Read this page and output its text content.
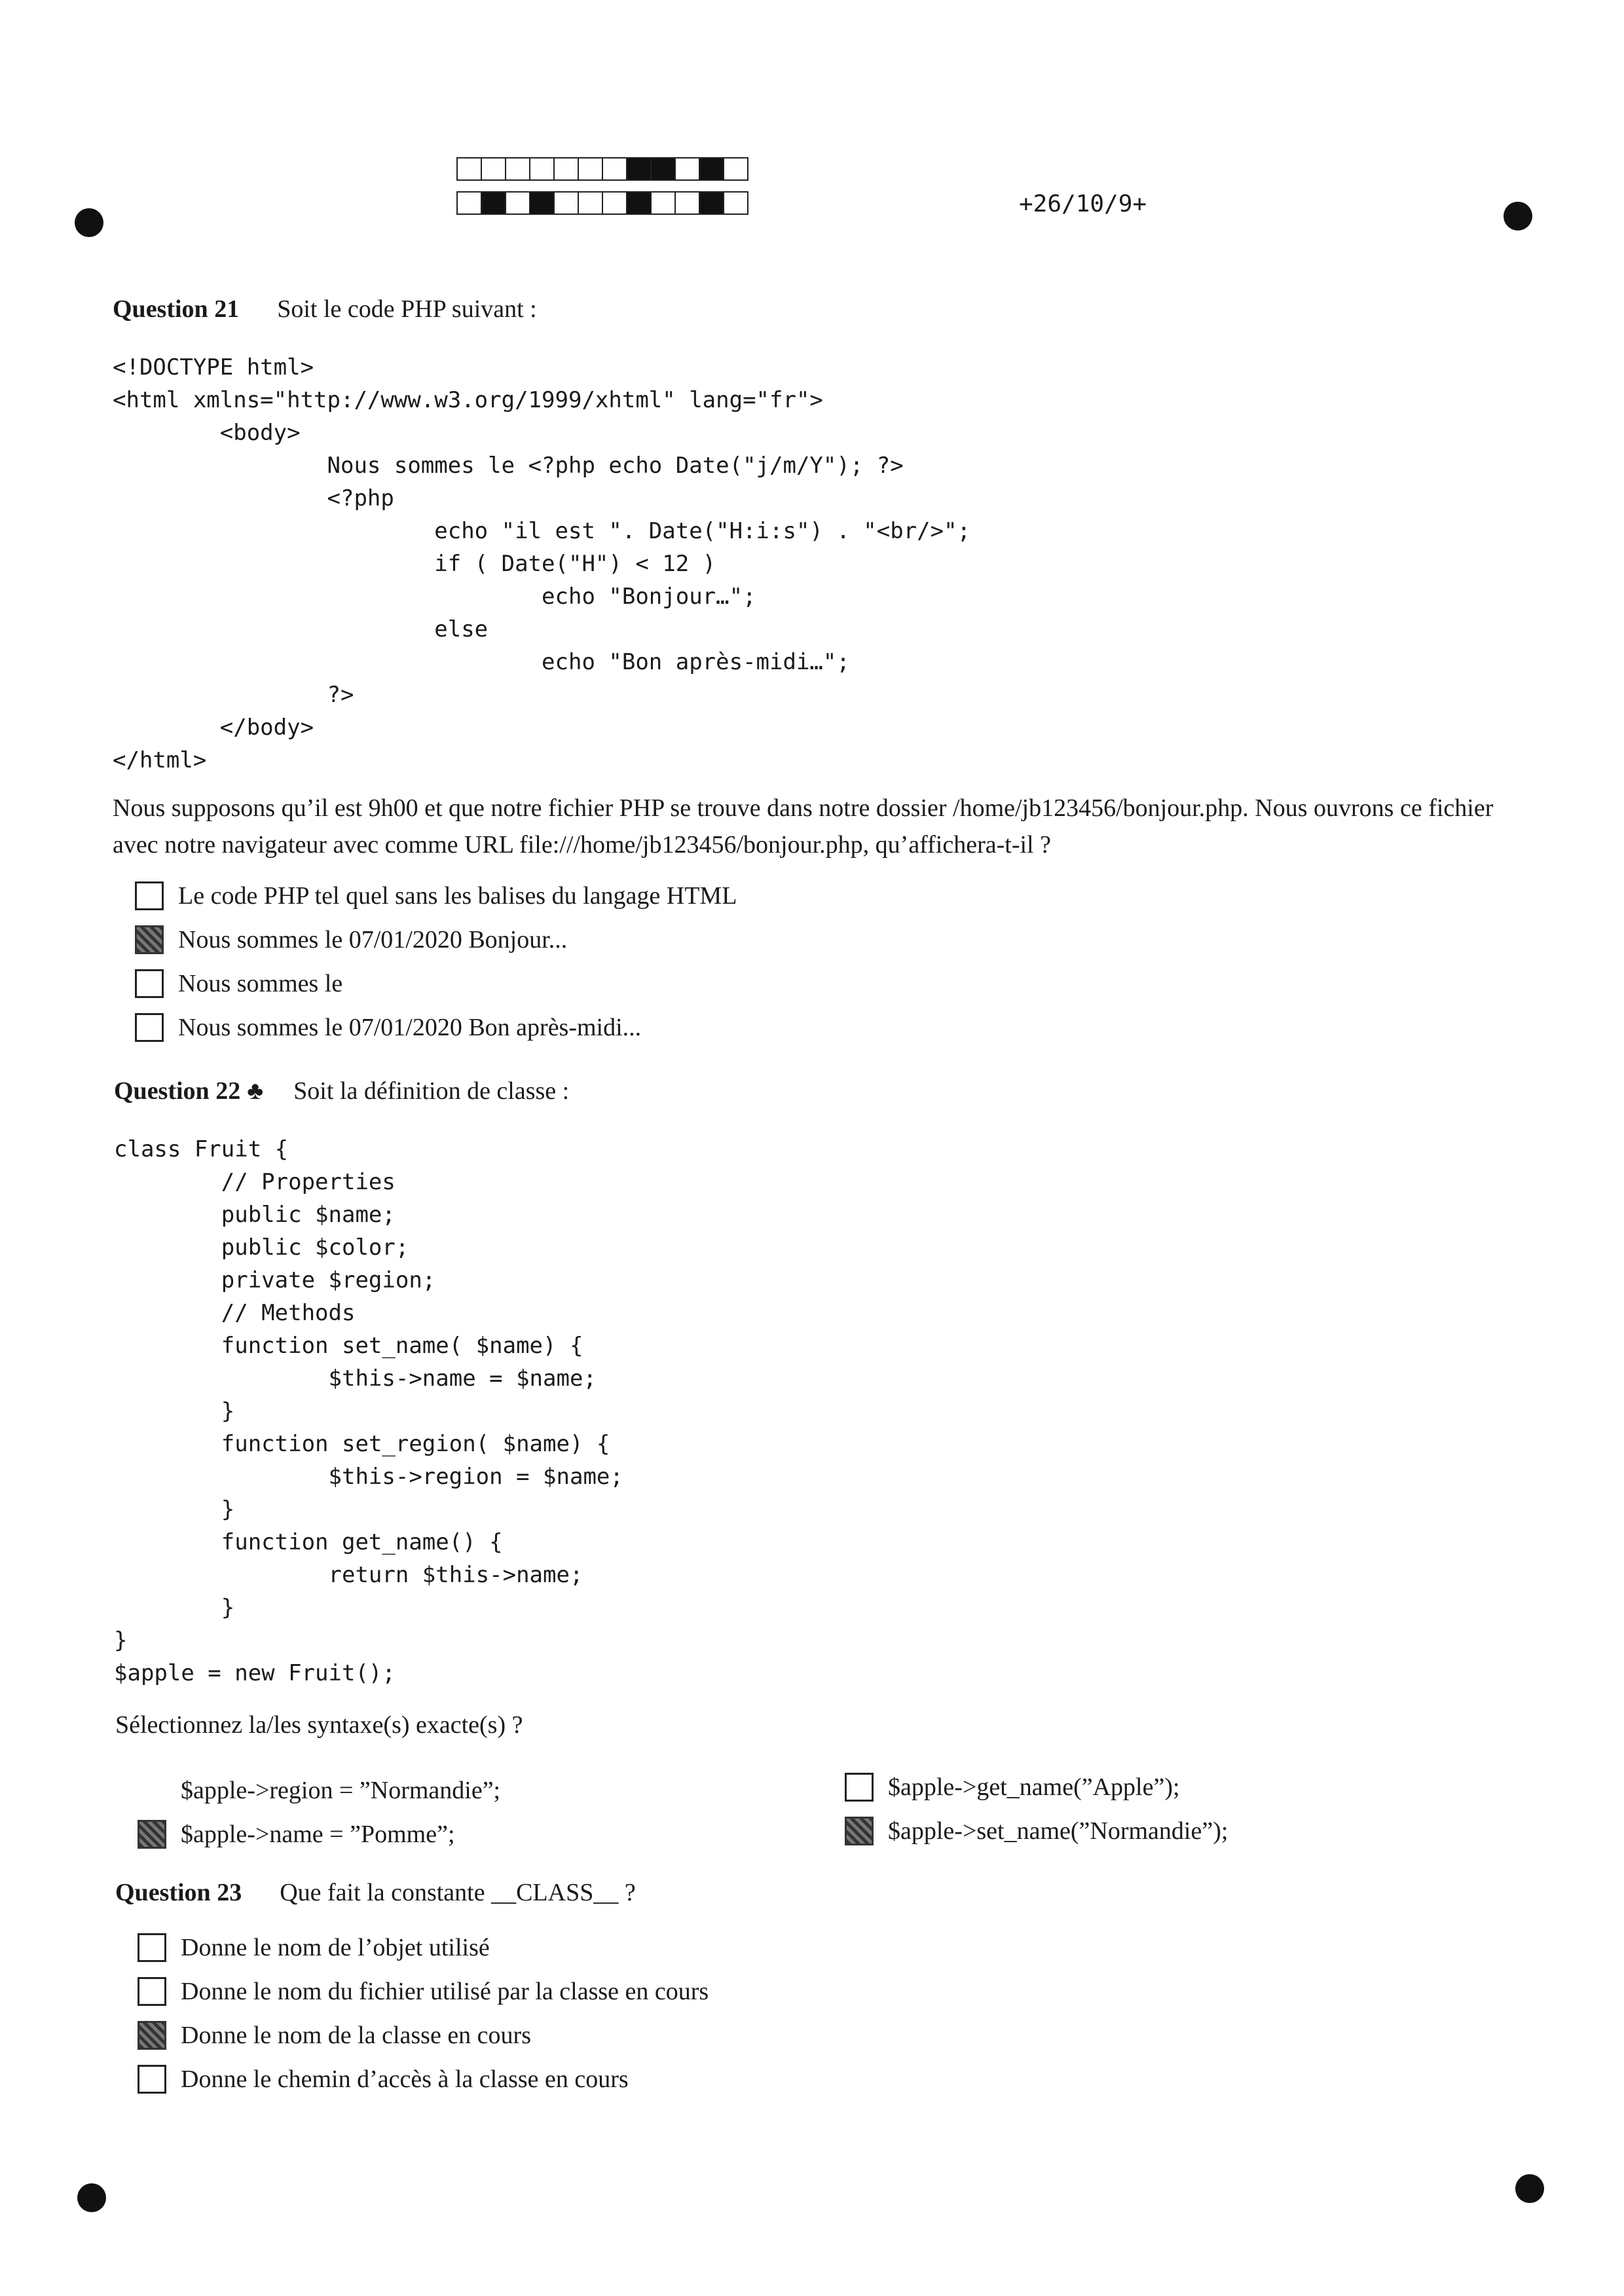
+26/10/9+
Question 21 Soit le code PHP suivant :
<!DOCTYPE html>
<html xmlns="http://www.w3.org/1999/xhtml" lang="fr">
<body>
Nous sommes le <?php echo Date("j/m/Y"); ?>
<?php
echo "il est ". Date("H:i:s") . "<br/>";
if ( Date("H") < 12 )
echo "Bonjour…";
else
echo "Bon après-midi…";
?>
</body>
</html>
Nous supposons qu’il est 9h00 et que notre fichier PHP se trouve dans notre dossier /home/jb123456/bonjour.php. Nous ouvrons ce fichier avec notre navigateur avec comme URL file:///home/jb123456/bonjour.php, qu’affichera-t-il ?
Le code PHP tel quel sans les balises du langage HTML
Nous sommes le 07/01/2020 Bonjour...
Nous sommes le
Nous sommes le 07/01/2020 Bon après-midi...
Question 22 ♣ Soit la définition de classe :
class Fruit {
// Properties
public $name;
public $color;
private $region;
// Methods
function set_name( $name) {
$this->name = $name;
}
function set_region( $name) {
$this->region = $name;
}
function get_name() {
return $this->name;
}
}
$apple = new Fruit();
Sélectionnez la/les syntaxe(s) exacte(s) ?
$apple->region = ”Normandie”;
$apple->name = ”Pomme”;
$apple->get_name(”Apple”);
$apple->set_name(”Normandie”);
Question 23 Que fait la constante __CLASS__ ?
Donne le nom de l’objet utilisé
Donne le nom du fichier utilisé par la classe en cours
Donne le nom de la classe en cours
Donne le chemin d’accès à la classe en cours
